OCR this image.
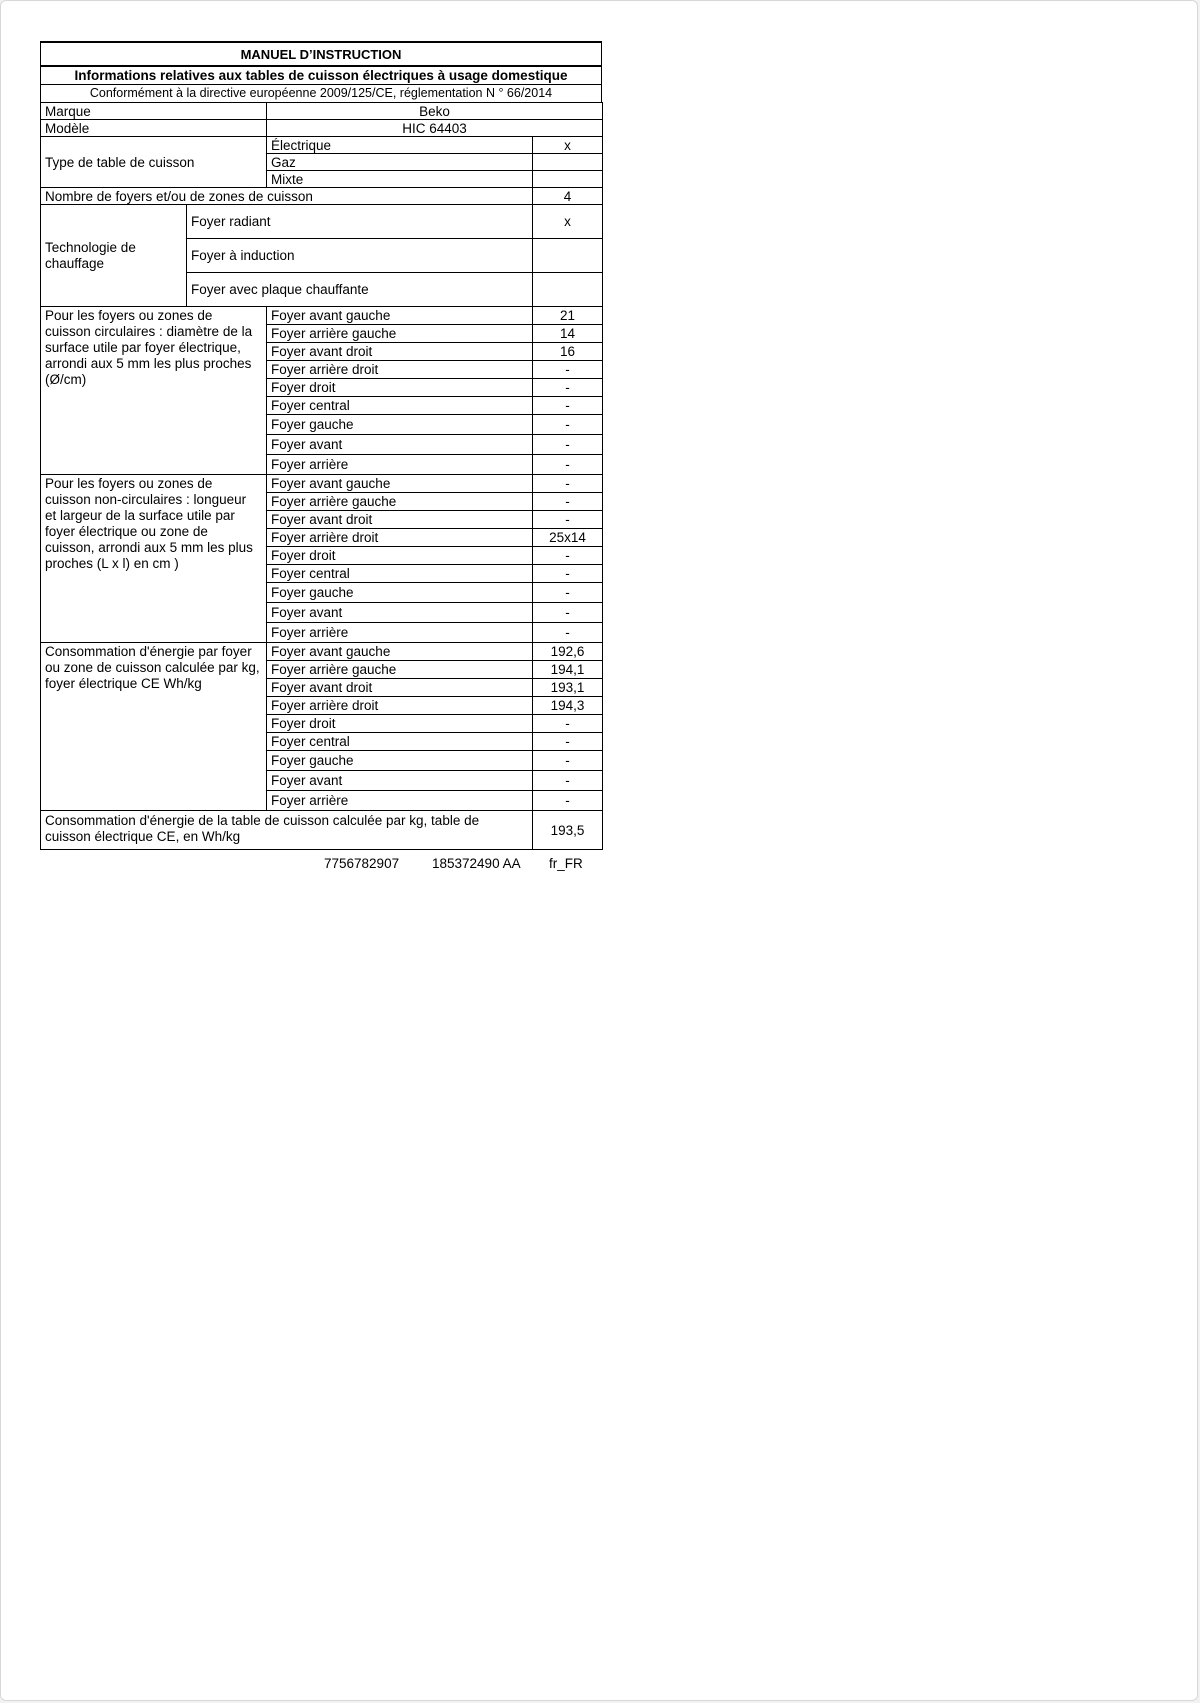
MANUEL D’INSTRUCTION
Informations relatives aux tables de cuisson électriques à usage domestique
Conformément à la directive européenne 2009/125/CE, réglementation N ° 66/2014
Marque		Beko	
Modèle		HIC 64403	
Type de table de cuisson		Électrique	x
		Gaz	
		Mixte	
Nombre de foyers et/ou de zones de cuisson			4
Technologie de chauffage	Foyer radiant		x
	Foyer à induction		
	Foyer avec plaque chauffante		
Pour les foyers ou zones de cuisson circulaires : diamètre de la surface utile par foyer électrique, arrondi aux 5 mm les plus proches (Ø/cm)		Foyer avant gauche	21
		Foyer arrière gauche	14
		Foyer avant droit	16
		Foyer arrière droit	-
		Foyer droit	-
		Foyer central	-
		Foyer gauche	-
		Foyer avant	-
		Foyer arrière	-
Pour les foyers ou zones de cuisson non-circulaires : longueur et largeur de la surface utile par foyer électrique ou zone de cuisson, arrondi aux 5 mm les plus proches (L x l) en cm )		Foyer avant gauche	-
		Foyer arrière gauche	-
		Foyer avant droit	-
		Foyer arrière droit	25x14
		Foyer droit	-
		Foyer central	-
		Foyer gauche	-
		Foyer avant	-
		Foyer arrière	-
Consommation d'énergie par foyer ou zone de cuisson calculée par kg, foyer électrique CE Wh/kg		Foyer avant gauche	192,6
		Foyer arrière gauche	194,1
		Foyer avant droit	193,1
		Foyer arrière droit	194,3
		Foyer droit	-
		Foyer central	-
		Foyer gauche	-
		Foyer avant	-
		Foyer arrière	-
Consommation d'énergie de la table de cuisson calculée par kg, table de cuisson électrique CE, en Wh/kg			193,5
7756782907 185372490 AA fr_FR
